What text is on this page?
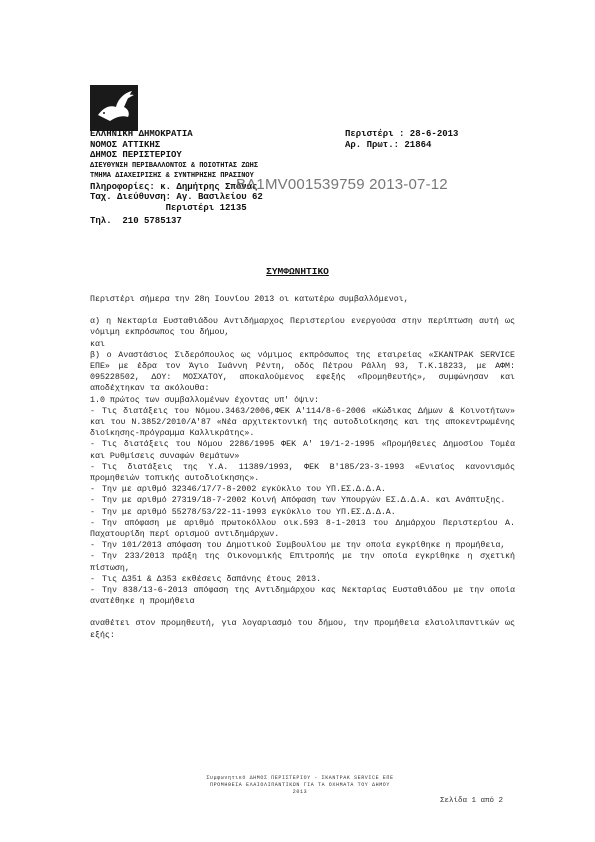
ΕΛΛΗΝΙΚΗ ΔΗΜΟΚΡΑΤΙΑ
ΝΟΜΟΣ ΑΤΤΙΚΗΣ
ΔΗΜΟΣ ΠΕΡΙΣΤΕΡΙΟΥ
ΔΙΕΥΘΥΝΣΗ ΠΕΡΙΒΑΛΛΟΝΤΟΣ & ΠΟΙΟΤΗΤΑΣ ΖΩΗΣ
ΤΜΗΜΑ ΔΙΑΧΕΙΡΙΣΗΣ & ΣΥΝΤΗΡΗΣΗΣ ΠΡΑΣΙΝΟΥ
Πληροφορίες: κ. Δημήτρης Σπόνας
Ταχ. Διεύθυνση: Αγ. Βασιλείου 62
Περιστέρι 12135
Τηλ.  210 5785137
Περιστέρι : 28-6-2013
Αρ. Πρωτ.: 21864
ΒΛ1ΜV001539759 2013-07-12
ΣΥΜΦΩΝΗΤΙΚΟ

Περιστέρι σήμερα την 28η Ιουνίου 2013 οι κατωτέρω συμβαλλόμενοι,

α) η Νεκταρία Ευσταθιάδου Αντιδήμαρχος Περιστερίου ενεργούσα στην περίπτωση αυτή ως νόμιμη εκπρόσωπος του δήμου,

και

β) ο Αναστάσιος Σιδερόπουλος ως νόμιμος εκπρόσωπος της εταιρείας «ΣΚΑΝΤΡΑΚ SERVICE ΕΠΕ» με έδρα τον Άγιο Ιωάννη Ρέντη, οδός Πέτρου Ράλλη 93, Τ.Κ.18233, με ΑΦΜ: 095228502, ΔΟΥ: ΜΟΣΧΑΤΟΥ, αποκαλούμενος εφεξής «Προμηθευτής», συμφώνησαν και αποδέχτηκαν τα ακόλουθα:

1.0 πρώτος των συμβαλλομένων έχοντας υπ' όψιν:

- Τις διατάξεις του Νόμου.3463/2006,ΦΕΚ Α'114/8-6-2006 «Κώδικας Δήμων & Κοινοτήτων» και του Ν.3852/2010/Α'87 «Νέα αρχιτεκτονική της αυτοδιοίκησης και της αποκεντρωμένης διοίκησης-πρόγραμμα Καλλικράτης».
- Τις διατάξεις του Νόμου 2286/1995 ΦΕΚ Α' 19/1-2-1995 «Προμήθειες Δημοσίου Τομέα και Ρυθμίσεις συναφών θεμάτων»
- Τις διατάξεις της Υ.Α. 11389/1993, ΦΕΚ Β'185/23-3-1993 «Ενιαίος κανονισμός προμηθειών τοπικής αυτοδιοίκησης».
- Την με αριθμό 32346/17/7-8-2002 εγκύκλιο του ΥΠ.ΕΣ.Δ.Δ.Α.
- Την με αριθμό 27319/18-7-2002 Κοινή Απόφαση των Υπουργών ΕΣ.Δ.Δ.Α. και Ανάπτυξης.
- Την με αριθμό 55278/53/22-11-1993 εγκύκλιο του ΥΠ.ΕΣ.Δ.Δ.Α.
- Την απόφαση με αριθμό πρωτοκόλλου οικ.593 8-1-2013 του Δημάρχου Περιστερίου Α. Παχατουρίδη περί ορισμού αντιδημάρχων.
- Την 101/2013 απόφαση του Δημοτικού Συμβουλίου με την οποία εγκρίθηκε η προμήθεια,
- Την 233/2013 πράξη της Οικονομικής Επιτροπής με την οποία εγκρίθηκε η σχετική πίστωση,
- Τις Δ351 & Δ353 εκθέσεις δαπάνης έτους 2013.
- Την 838/13-6-2013 απόφαση της Αντιδημάρχου κας Νεκταρίας Ευσταθιάδου με την οποία ανατέθηκε η προμήθεια

αναθέτει στον προμηθευτή, για λογαριασμό του δήμου, την προμήθεια ελαιολιπαντικών ως εξής:

Συμφωνητικό ΔΗΜΟΣ ΠΕΡΙΣΤΕΡΙΟΥ - ΣΚΑΝΤΡΑΚ SERVICE ΕΠΕ
ΠΡΟΜΗΘΕΙΑ ΕΛΑΙΟΛΙΠΑΝΤΙΚΩΝ ΓΙΑ ΤΑ ΟΧΗΜΑΤΑ ΤΟΥ ΔΗΜΟΥ
2013
Σελίδα 1 από 2
